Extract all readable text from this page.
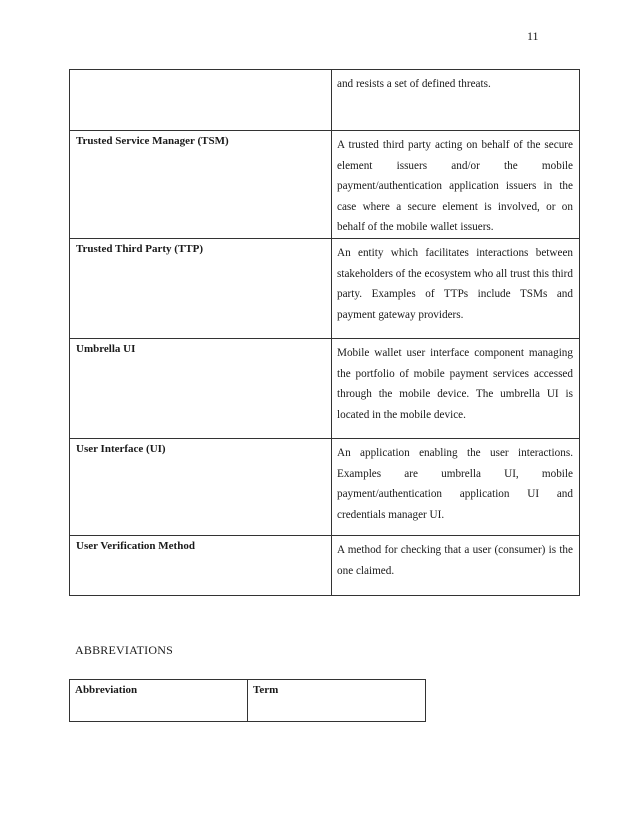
11
	and resists a set of defined threats.
Trusted Service Manager (TSM)	A trusted third party acting on behalf of the secure element issuers and/or the mobile payment/authentication application issuers in the case where a secure element is involved, or on behalf of the mobile wallet issuers.
Trusted Third Party (TTP)	An entity which facilitates interactions between stakeholders of the ecosystem who all trust this third party. Examples of TTPs include TSMs and payment gateway providers.
Umbrella UI	Mobile wallet user interface component managing the portfolio of mobile payment services accessed through the mobile device. The umbrella UI is located in the mobile device.
User Interface (UI)	An application enabling the user interactions. Examples are umbrella UI, mobile payment/authentication application UI and credentials manager UI.
User Verification Method	A method for checking that a user (consumer) is the one claimed.
ABBREVIATIONS
Abbreviation	Term
